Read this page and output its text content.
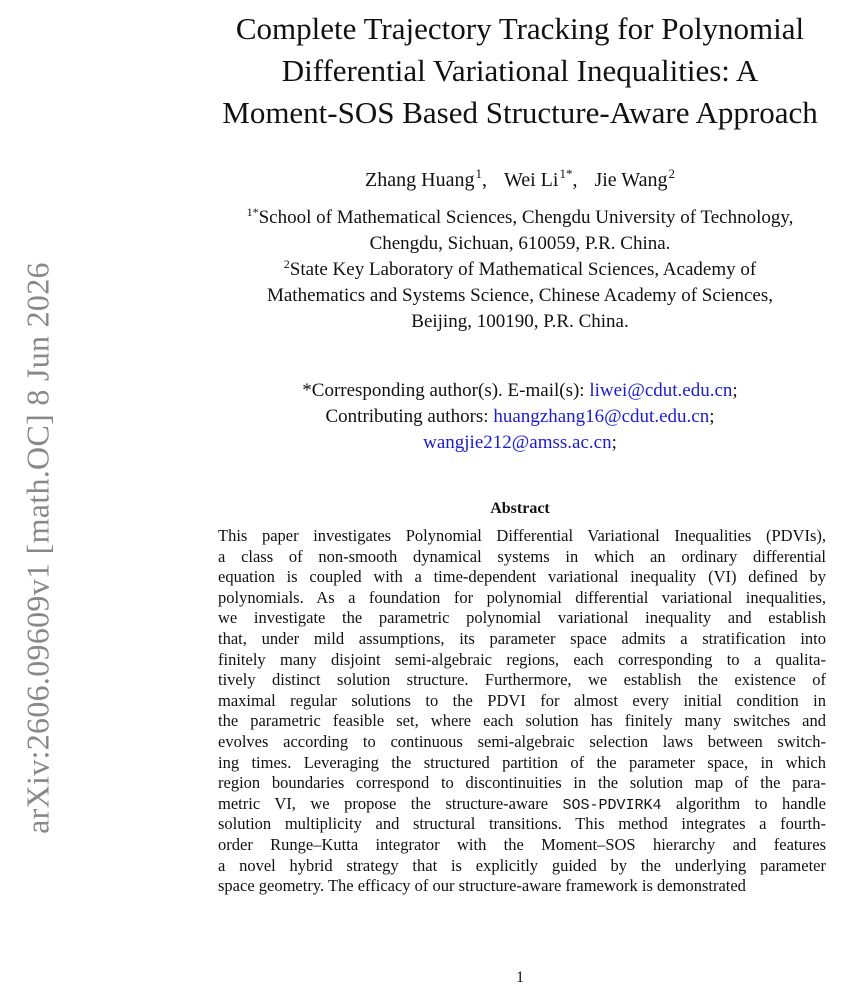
arXiv:2606.09609v1 [math.OC] 8 Jun 2026
Complete Trajectory Tracking for Polynomial
Differential Variational Inequalities: A
Moment-SOS Based Structure-Aware Approach
Zhang Huang$^1$, Wei $Li^{1*}$, Jie Wang$^2$
$^{1*}$School of Mathematical Sciences, Chengdu University of Technology,
Chengdu, Sichuan, 610059, P.R. China.
$^2$State Key Laboratory of Mathematical Sciences, Academy of
Mathematics and Systems Science, Chinese Academy of Sciences,
Beijing, 100190, P.R. China.
*Corresponding author(s). E-mail(s): liwei@cdut.edu.cn;
Contributing authors: huangzhang16@cdut.edu.cn;
wangjie212@amss.ac.cn;
Abstract
This paper investigates Polynomial Differential Variational Inequalities (PDVIs),
a class of non-smooth dynamical systems in which an ordinary differential
equation is coupled with a time-dependent variational inequality (VI) defined by
polynomials. As a foundation for polynomial differential variational inequalities,
we investigate the parametric polynomial variational inequality and establish
that, under mild assumptions, its parameter space admits a stratification into
finitely many disjoint semi-algebraic regions, each corresponding to a qualita-
tively distinct solution structure. Furthermore, we establish the existence of
maximal regular solutions to the PDVI for almost every initial condition in
the parametric feasible set, where each solution has finitely many switches and
evolves according to continuous semi-algebraic selection laws between switch-
ing times. Leveraging the structured partition of the parameter space, in which
region boundaries correspond to discontinuities in the solution map of the para-
metric VI, we propose the structure-aware SOS-PDVIRK4 algorithm to handle
solution multiplicity and structural transitions. This method integrates a fourth-
order Runge–Kutta integrator with the Moment–SOS hierarchy and features
a novel hybrid strategy that is explicitly guided by the underlying parameter
space geometry. The efficacy of our structure-aware framework is demonstrated
1
